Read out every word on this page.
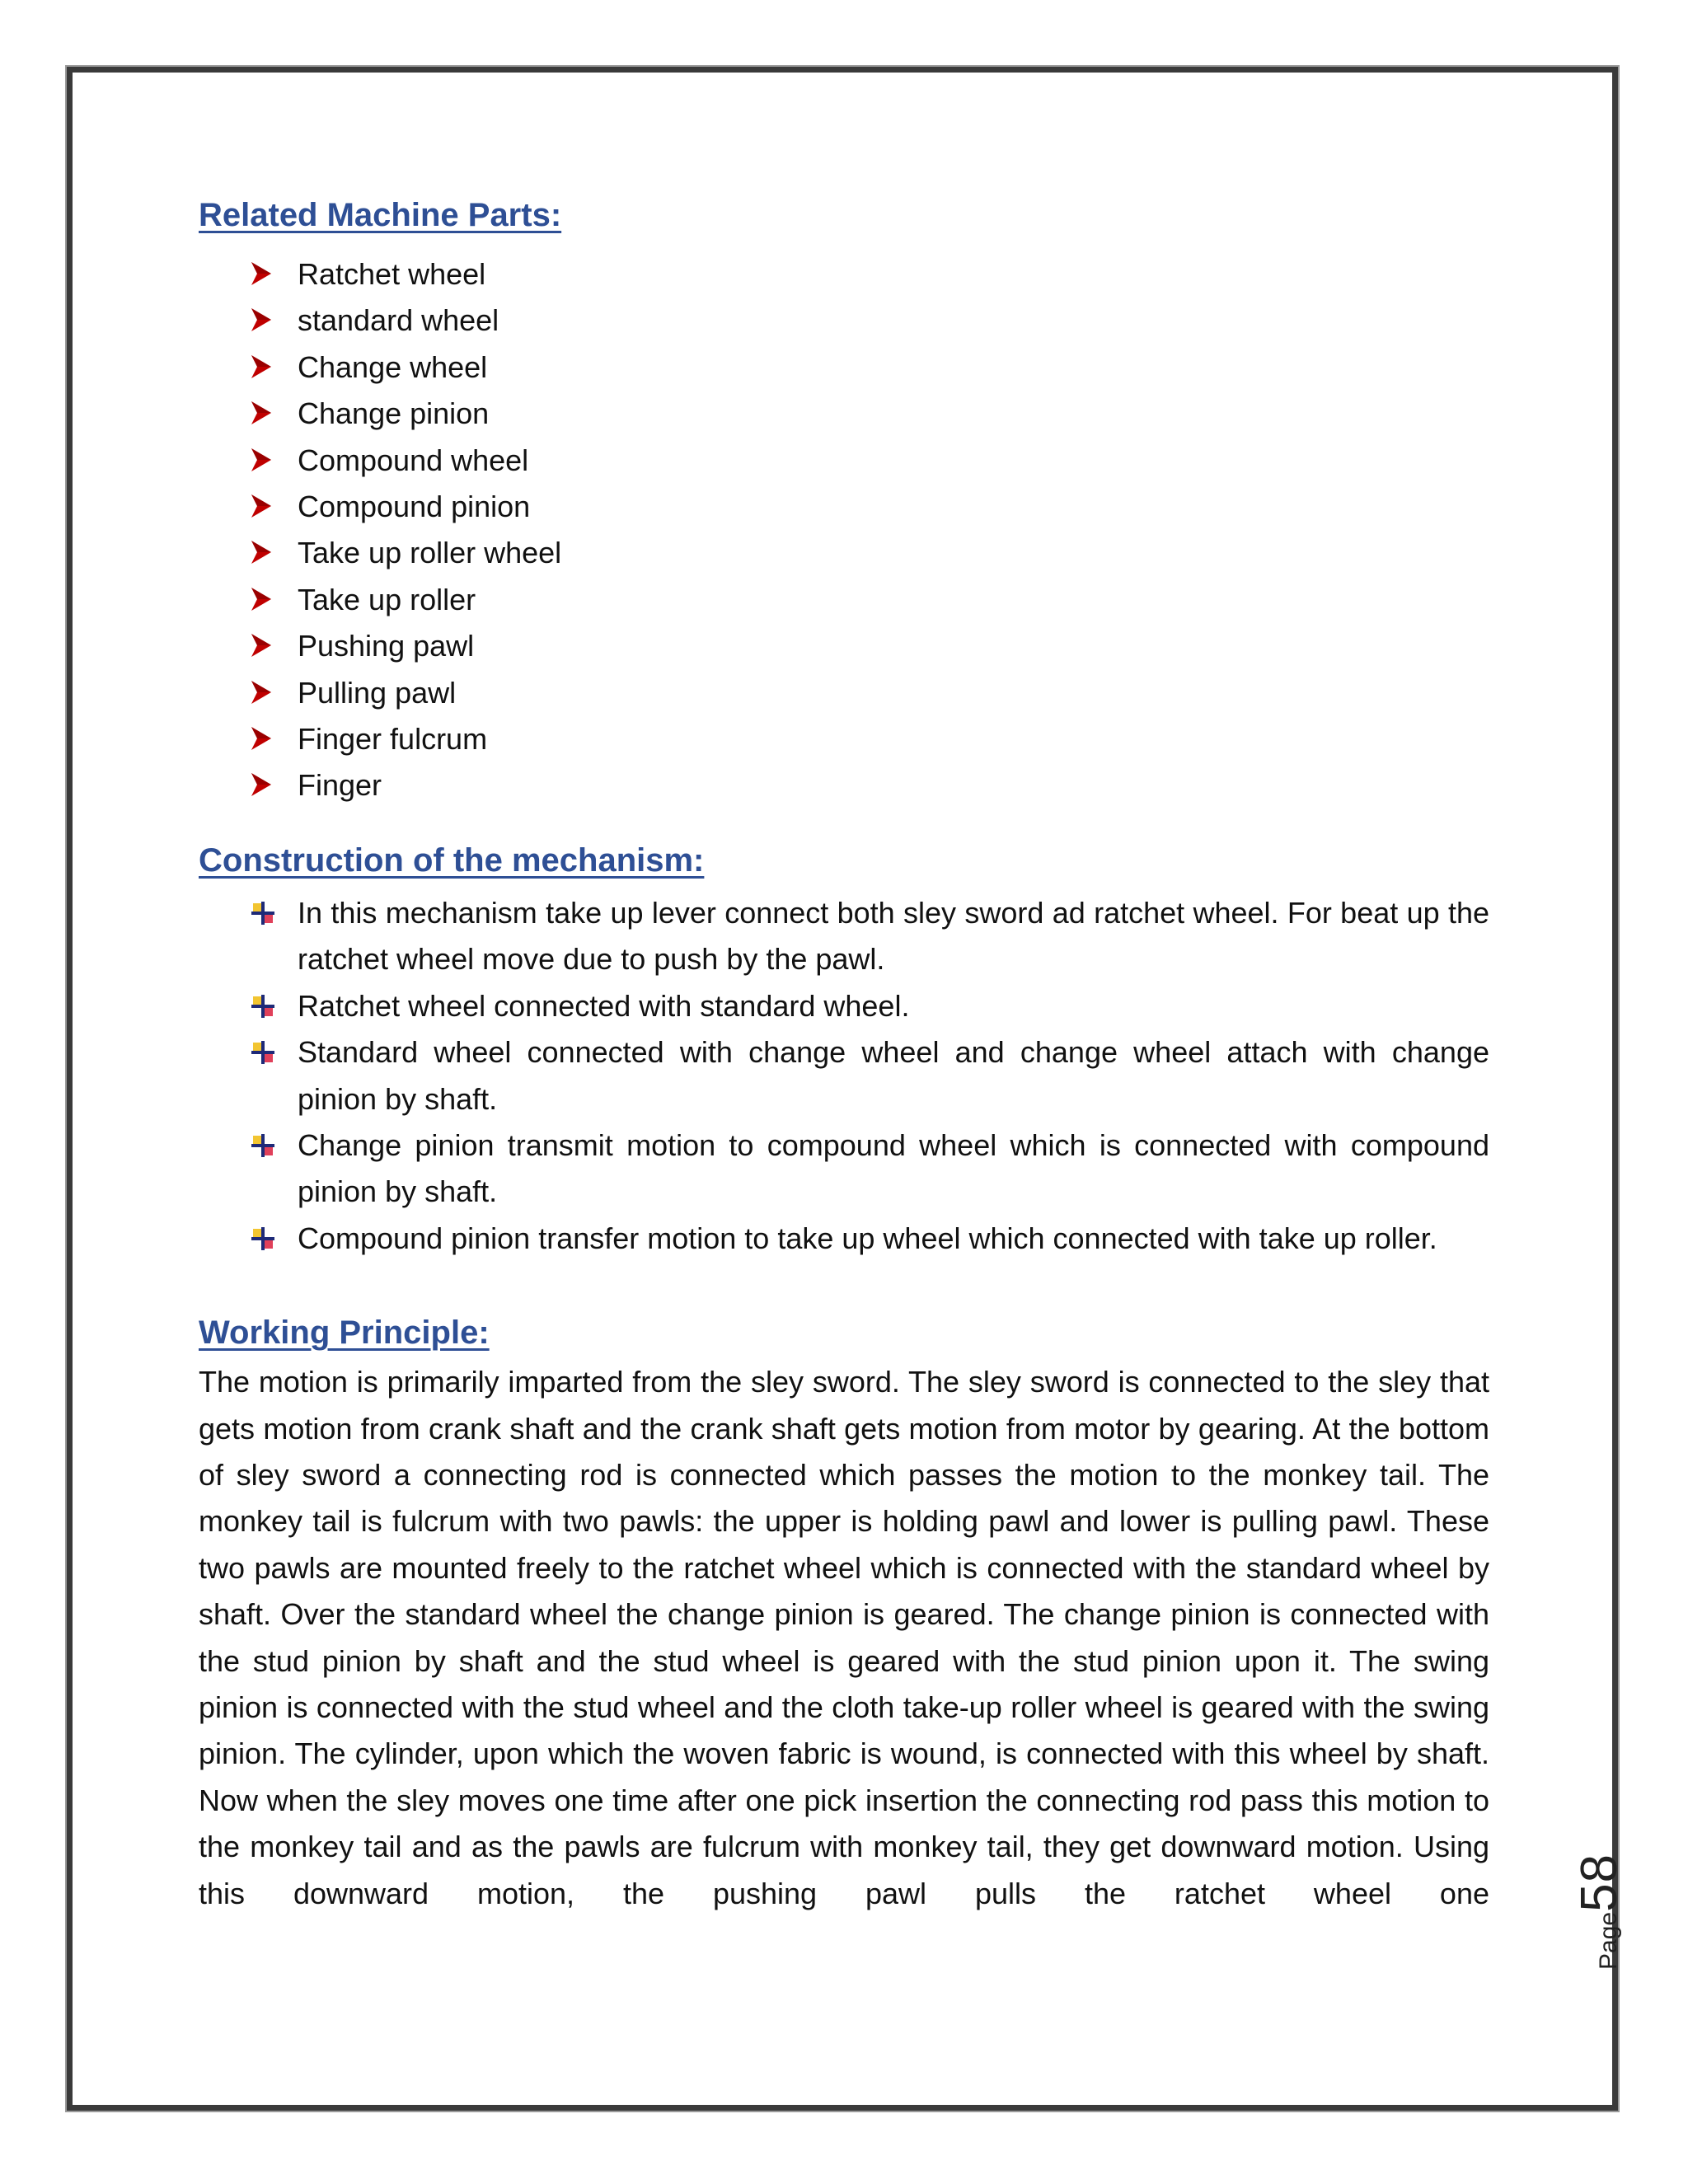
Related Machine Parts:
Ratchet wheel
standard wheel
Change wheel
Change pinion
Compound wheel
Compound pinion
Take up roller wheel
Take up roller
Pushing pawl
Pulling pawl
Finger fulcrum
Finger
Construction of the mechanism:
In this mechanism take up lever connect both sley sword ad ratchet wheel. For beat up the ratchet wheel move due to push by the pawl.
Ratchet wheel connected with standard wheel.
Standard wheel connected with change wheel and change wheel attach with change pinion by shaft.
Change pinion transmit motion to compound wheel which is connected with compound pinion by shaft.
Compound pinion transfer motion to take up wheel which connected with take up roller.
Working Principle:

The motion is primarily imparted from the sley sword. The sley sword is connected to the sley that gets motion from crank shaft and the crank shaft gets motion from motor by gearing. At the bottom of sley sword a connecting rod is connected which passes the motion to the monkey tail. The monkey tail is fulcrum with two pawls: the upper is holding pawl and lower is pulling pawl. These two pawls are mounted freely to the ratchet wheel which is connected with the standard wheel by shaft. Over the standard wheel the change pinion is geared. The change pinion is connected with the stud pinion by shaft and the stud wheel is geared with the stud pinion upon it. The swing pinion is connected with the stud wheel and the cloth take-up roller wheel is geared with the swing pinion. The cylinder, upon which the woven fabric is wound, is connected with this wheel by shaft. Now when the sley moves one time after one pick insertion the connecting rod pass this motion to the monkey tail and as the pawls are fulcrum with monkey tail, they get downward motion. Using this downward motion, the pushing pawl pulls the ratchet wheel one

Page58
